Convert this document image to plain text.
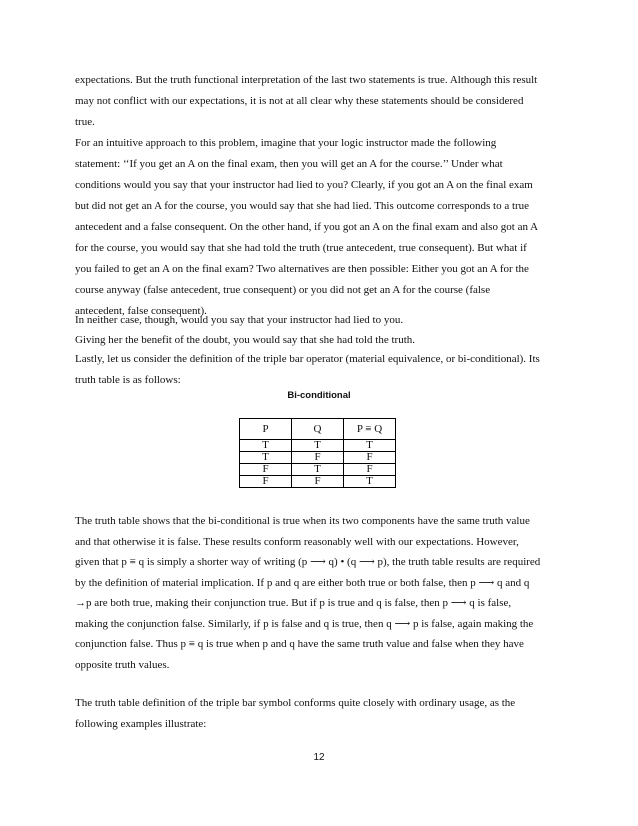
expectations. But the truth functional interpretation of the last two statements is true. Although this result
may not conflict with our expectations, it is not at all clear why these statements should be considered
true.
For an intuitive approach to this problem, imagine that your logic instructor made the following
statement: ‘‘If you get an A on the final exam, then you will get an A for the course.’’ Under what
conditions would you say that your instructor had lied to you? Clearly, if you got an A on the final exam
but did not get an A for the course, you would say that she had lied. This outcome corresponds to a true
antecedent and a false consequent. On the other hand, if you got an A on the final exam and also got an A
for the course, you would say that she had told the truth (true antecedent, true consequent). But what if
you failed to get an A on the final exam? Two alternatives are then possible: Either you got an A for the
course anyway (false antecedent, true consequent) or you did not get an A for the course (false
antecedent, false consequent).
In neither case, though, would you say that your instructor had lied to you.
Giving her the benefit of the doubt, you would say that she had told the truth.
Lastly, let us consider the definition of the triple bar operator (material equivalence, or bi-conditional). Its
truth table is as follows:
Bi-conditional
P	Q	P ≡ Q
T	T	T
T	F	F
F	T	F
F	F	T
The truth table shows that the bi-conditional is true when its two components have the same truth value
and that otherwise it is false. These results conform reasonably well with our expectations. However,
given that p ≡ q is simply a shorter way of writing (p ⟶ q) • (q ⟶ p), the truth table results are required
by the definition of material implication. If p and q are either both true or both false, then p ⟶ q and q
→p are both true, making their conjunction true. But if p is true and q is false, then p ⟶ q is false,
making the conjunction false. Similarly, if p is false and q is true, then q ⟶ p is false, again making the
conjunction false. Thus p ≡ q is true when p and q have the same truth value and false when they have
opposite truth values.
The truth table definition of the triple bar symbol conforms quite closely with ordinary usage, as the
following examples illustrate:
12
